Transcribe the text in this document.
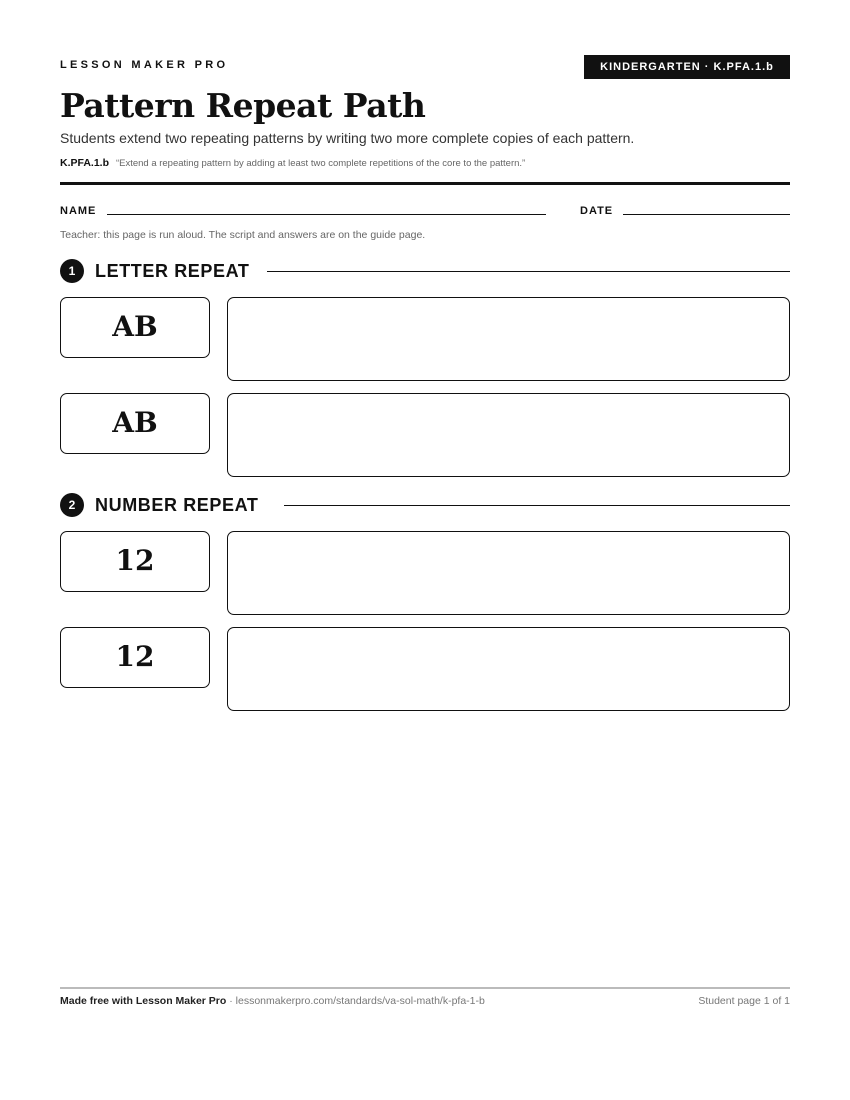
LESSON MAKER PRO	KINDERGARTEN · K.PFA.1.b
Pattern Repeat Path

Students extend two repeating patterns by writing two more complete copies of each pattern.

K.PFA.1.b “Extend a repeating pattern by adding at least two complete repetitions of the core to the pattern.”

NAME	DATE

Teacher: this page is run aloud. The script and answers are on the guide page.

1	LETTER REPEAT
AB
AB
2	NUMBER REPEAT
12
12
Made free with Lesson Maker Pro · lessonmakerpro.com/standards/va-sol-math/k-pfa-1-b	Student page 1 of 1
